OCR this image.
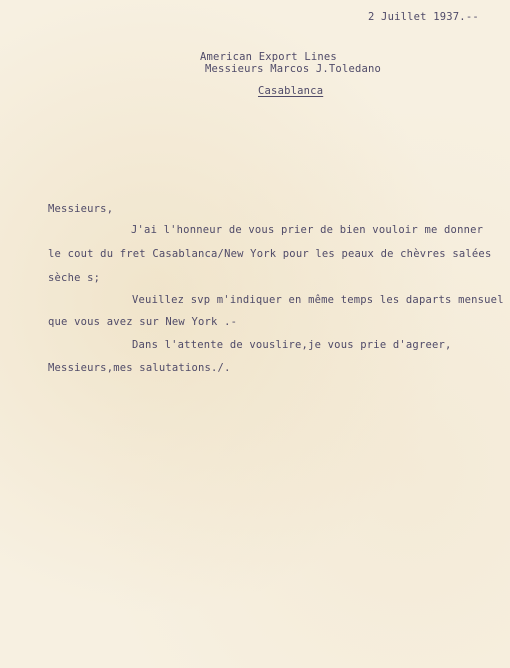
2 Juillet 1937.--
American Export Lines
Messieurs Marcos J.Toledano
Casablanca
Messieurs,
J'ai l'honneur de vous prier de bien vouloir me donner
le cout du fret Casablanca/New York pour les peaux de chèvres salées
sèche s;
Veuillez svp m'indiquer en même temps les daparts mensuel
que vous avez sur New York .-
Dans l'attente de vouslire,je vous prie d'agreer,
Messieurs,mes salutations./.
